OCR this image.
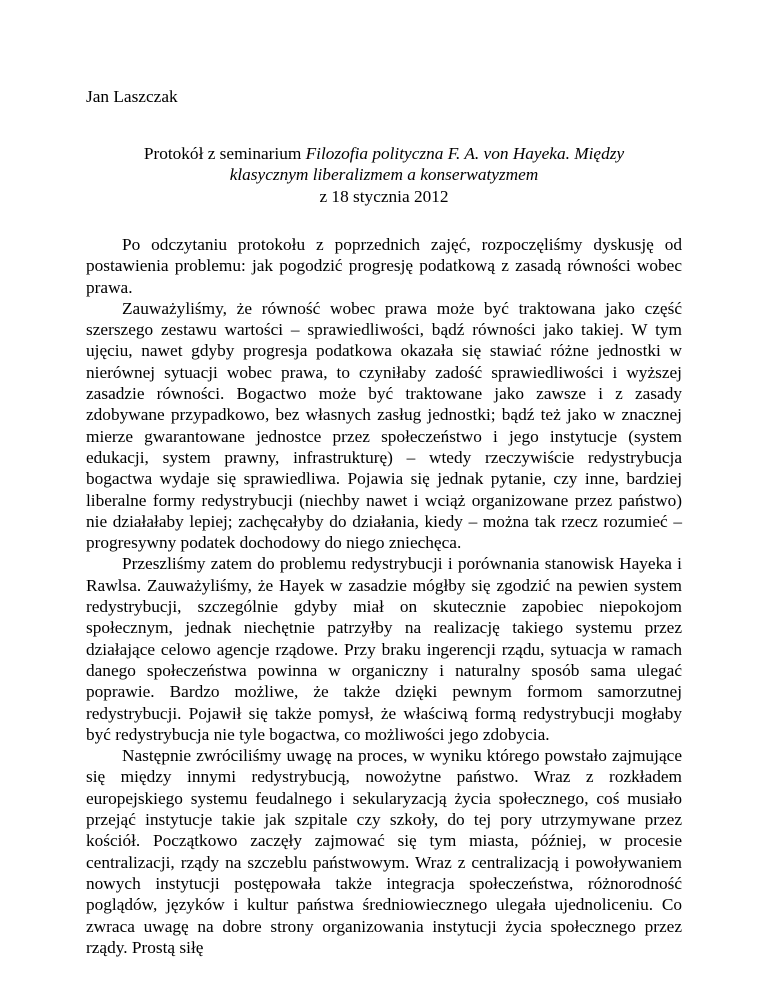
Jan Laszczak

Protokół z seminarium Filozofia polityczna F. A. von Hayeka. Między
klasycznym liberalizmem a konserwatyzmem
z 18 stycznia 2012

Po odczytaniu protokołu z poprzednich zajęć, rozpoczęliśmy dyskusję od postawienia problemu: jak pogodzić progresję podatkową z zasadą równości wobec prawa.

Zauważyliśmy, że równość wobec prawa może być traktowana jako część szerszego zestawu wartości – sprawiedliwości, bądź równości jako takiej. W tym ujęciu, nawet gdyby progresja podatkowa okazała się stawiać różne jednostki w nierównej sytuacji wobec prawa, to czyniłaby zadość sprawiedliwości i wyższej zasadzie równości. Bogactwo może być traktowane jako zawsze i z zasady zdobywane przypadkowo, bez własnych zasług jednostki; bądź też jako w znacznej mierze gwarantowane jednostce przez społeczeństwo i jego instytucje (system edukacji, system prawny, infrastrukturę) – wtedy rzeczywiście redystrybucja bogactwa wydaje się sprawiedliwa. Pojawia się jednak pytanie, czy inne, bardziej liberalne formy redystrybucji (niechby nawet i wciąż organizowane przez państwo) nie działałaby lepiej; zachęcałyby do działania, kiedy – można tak rzecz rozumieć – progresywny podatek dochodowy do niego zniechęca.

Przeszliśmy zatem do problemu redystrybucji i porównania stanowisk Hayeka i Rawlsa. Zauważyliśmy, że Hayek w zasadzie mógłby się zgodzić na pewien system redystrybucji, szczególnie gdyby miał on skutecznie zapobiec niepokojom społecznym, jednak niechętnie patrzyłby na realizację takiego systemu przez działające celowo agencje rządowe. Przy braku ingerencji rządu, sytuacja w ramach danego społeczeństwa powinna w organiczny i naturalny sposób sama ulegać poprawie. Bardzo możliwe, że także dzięki pewnym formom samorzutnej redystrybucji. Pojawił się także pomysł, że właściwą formą redystrybucji mogłaby być redystrybucja nie tyle bogactwa, co możliwości jego zdobycia.

Następnie zwróciliśmy uwagę na proces, w wyniku którego powstało zajmujące się między innymi redystrybucją, nowożytne państwo. Wraz z rozkładem europejskiego systemu feudalnego i sekularyzacją życia społecznego, coś musiało przejąć instytucje takie jak szpitale czy szkoły, do tej pory utrzymywane przez kościół. Początkowo zaczęły zajmować się tym miasta, później, w procesie centralizacji, rządy na szczeblu państwowym. Wraz z centralizacją i powoływaniem nowych instytucji postępowała także integracja społeczeństwa, różnorodność poglądów, języków i kultur państwa średniowiecznego ulegała ujednoliceniu. Co zwraca uwagę na dobre strony organizowania instytucji życia społecznego przez rządy. Prostą siłę
